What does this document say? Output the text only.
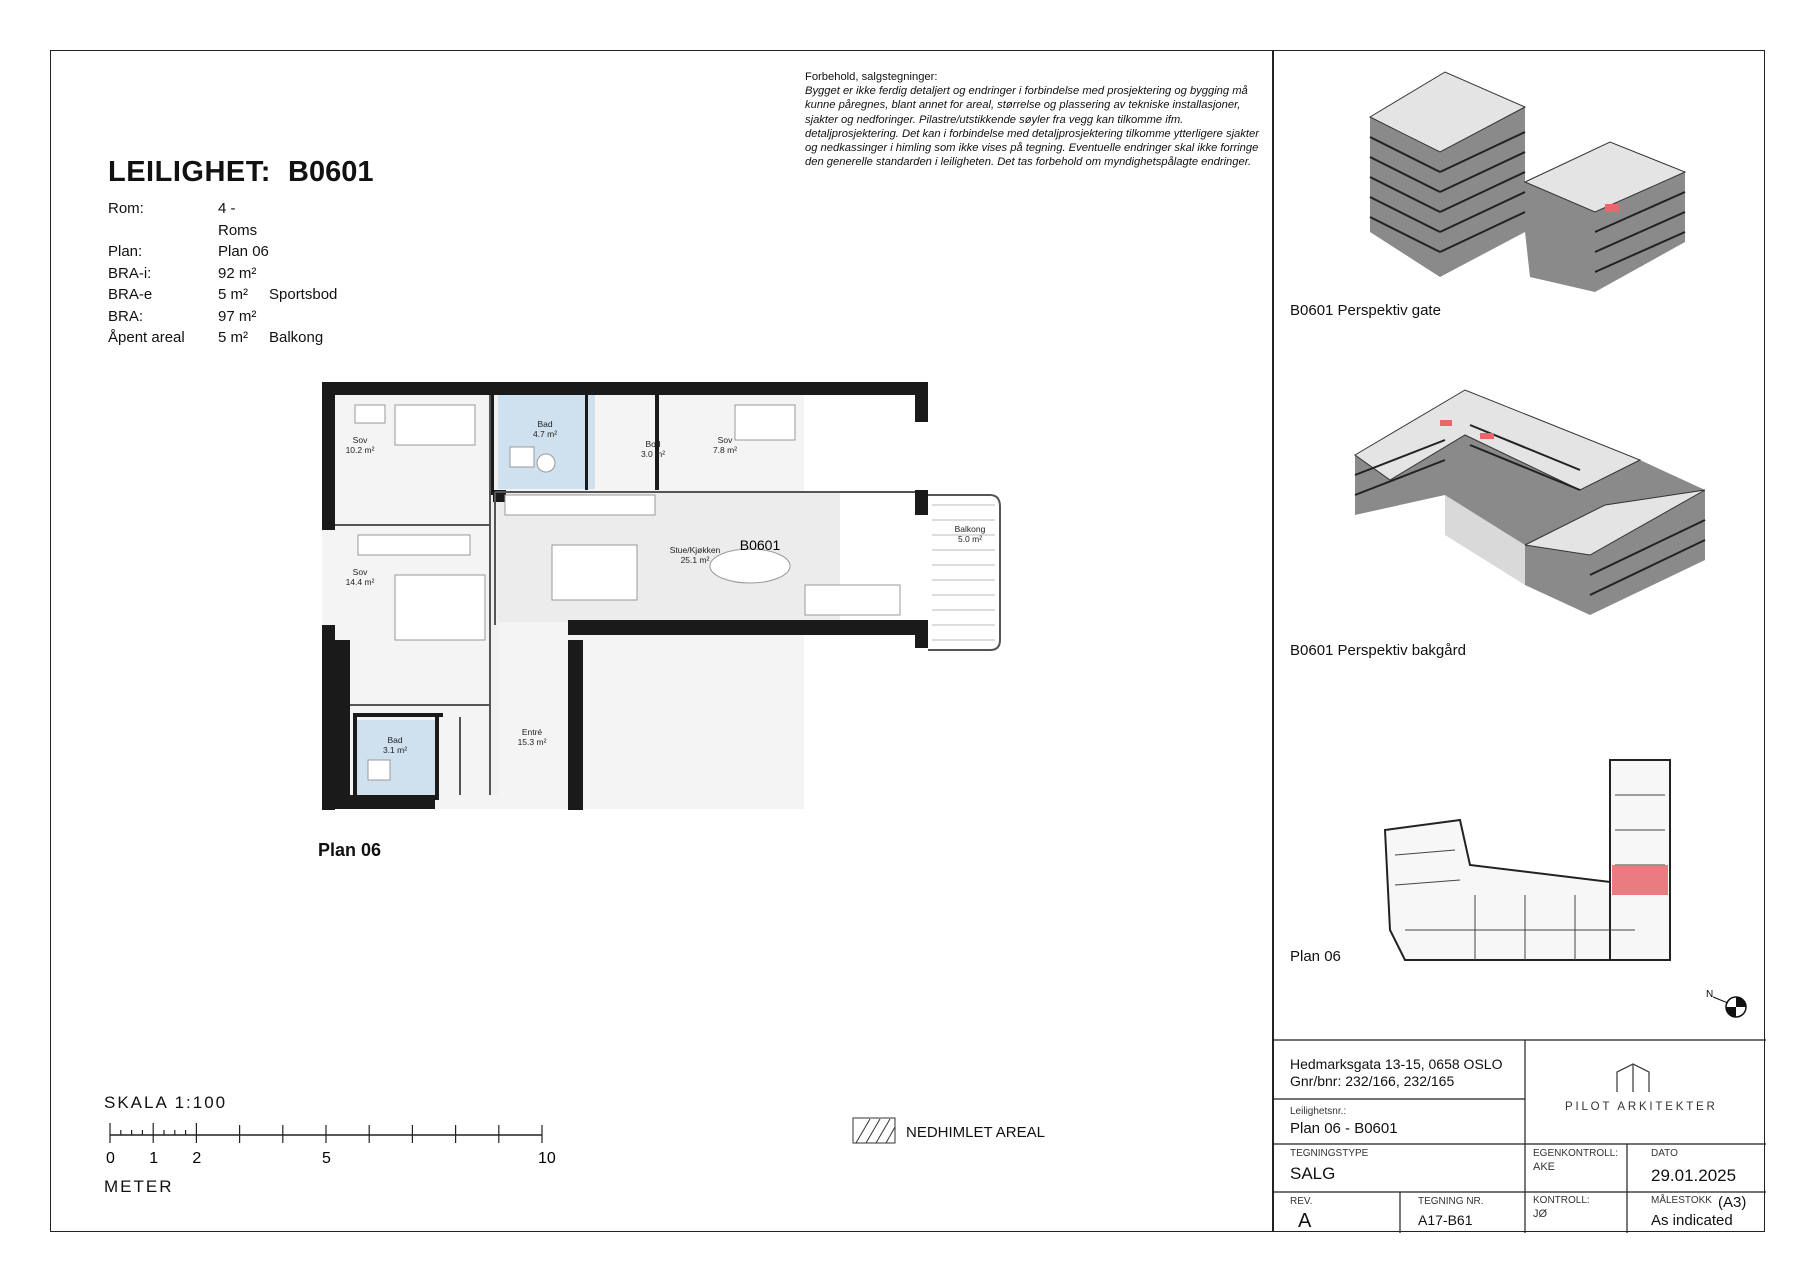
LEILIGHET: B0601
Rom:	4 - Roms	
Plan:	Plan 06	
BRA-i:	92 m²	
BRA-e	5 m²	Sportsbod
BRA:	97 m²	
Åpent areal	5 m²	Balkong
Forbehold, salgstegninger:
Bygget er ikke ferdig detaljert og endringer i forbindelse med prosjektering og bygging må kunne påregnes, blant annet for areal, størrelse og plassering av tekniske installasjoner, sjakter og nedforinger. Pilastre/utstikkende søyler fra vegg kan tilkomme ifm. detaljprosjektering. Det kan i forbindelse med detaljprosjektering tilkomme ytterligere sjakter og nedkassinger i himling som ikke vises på tegning. Eventuelle endringer skal ikke forringe den generelle standarden i leiligheten. Det tas forbehold om myndighetspålagte endringer.
B0601
Sov
10.2 m²
Bad
4.7 m²
Bod
3.0 m²
Sov
7.8 m²
Stue/Kjøkken
25.1 m²
Balkong
5.0 m²
Sov
14.4 m²
Bad
3.1 m²
Entré
15.3 m²
Plan 06
SKALA 1:100
0 1 2	5	10
METER
NEDHIMLET AREAL
B0601 Perspektiv gate
B0601 Perspektiv bakgård
Plan 06
N
Hedmarksgata 13-15, 0658 OSLO
Gnr/bnr: 232/166, 232/165
Leilighetsnr.:
Plan 06 - B0601
PILOT ARKITEKTER
TEGNINGSTYPE
SALG
EGENKONTROLL:
AKE
DATO
29.01.2025
REV.
A
TEGNING NR.
A17-B61
KONTROLL:
JØ
MÅLESTOKK (A3)
As indicated
